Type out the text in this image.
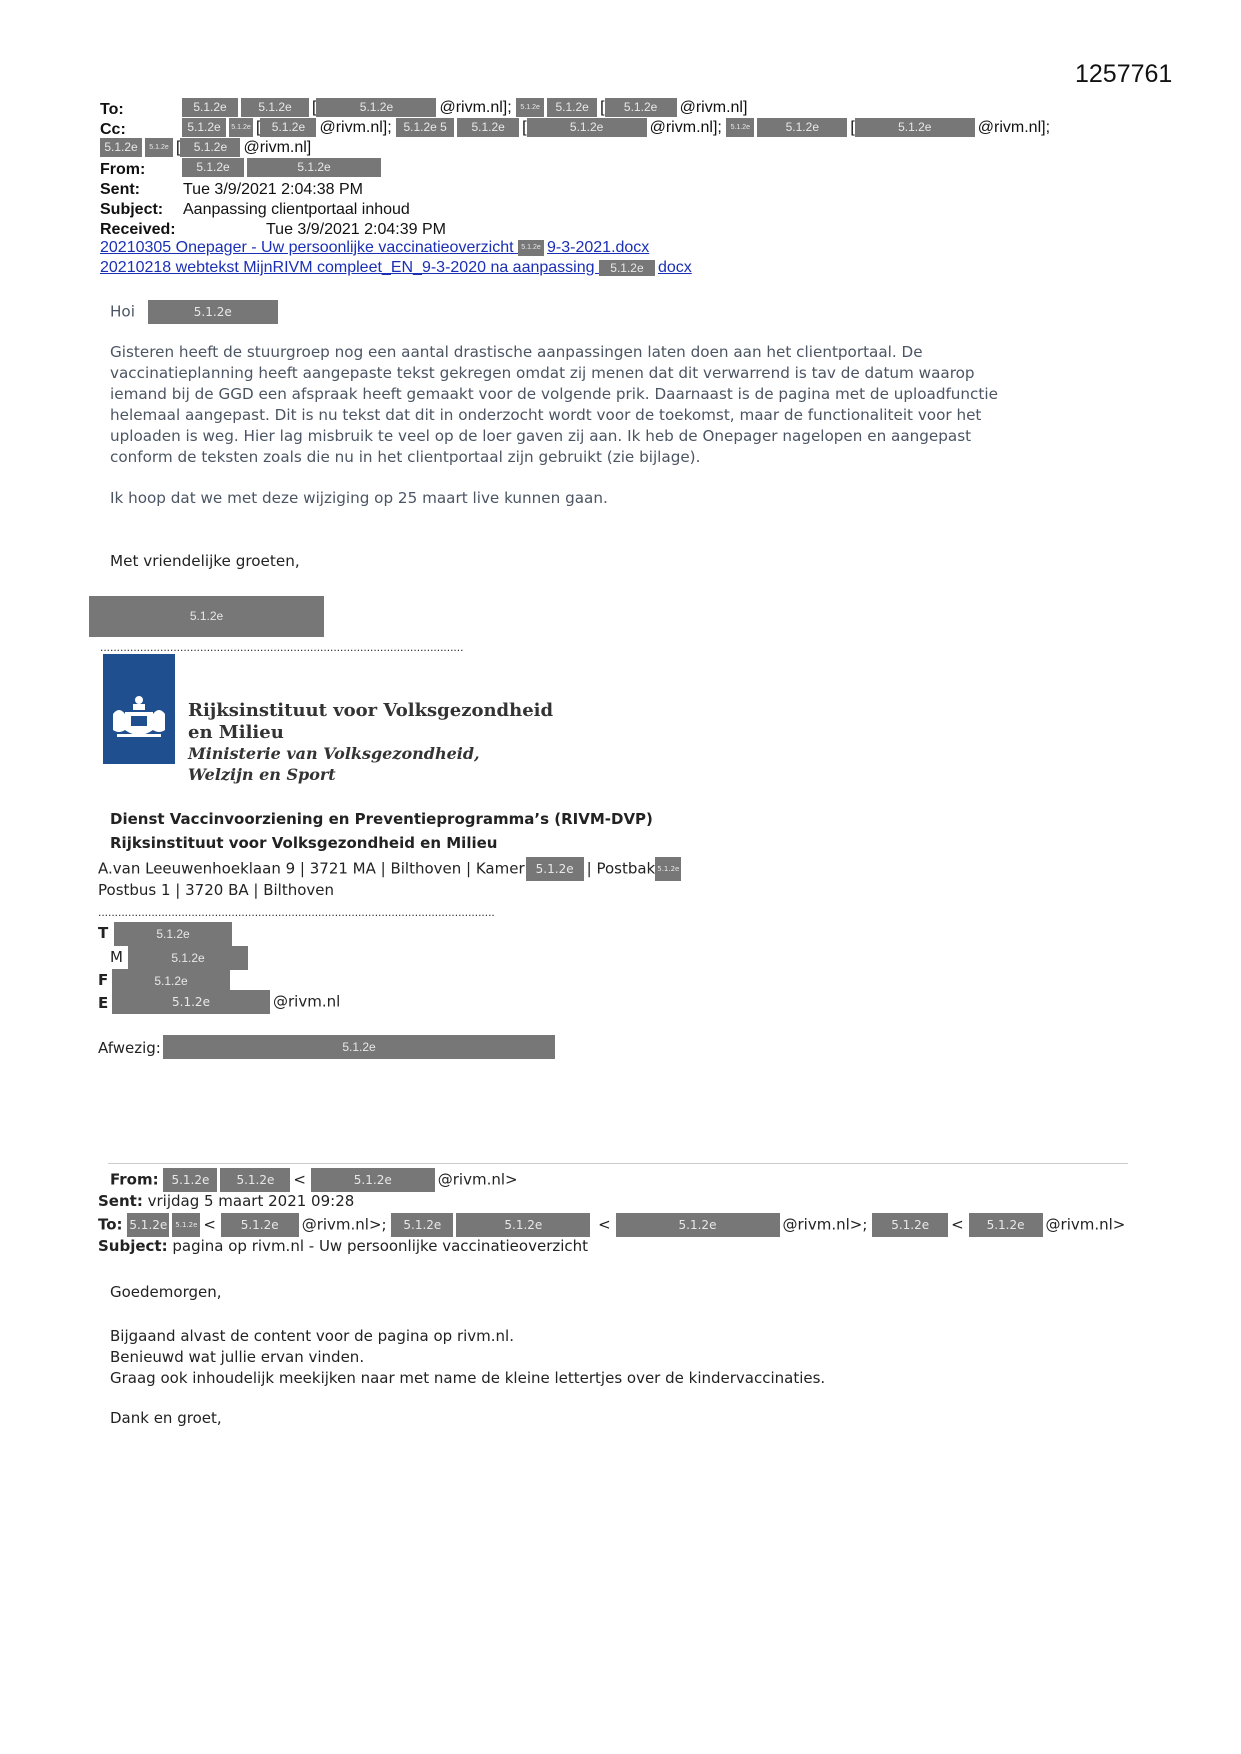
1257761
To:	5.1.2e	5.1.2e [	5.1.2e	@rivm.nl]; 5.1.2e 5.1.2e [ 5.1.2e @rivm.nl]
Cc:	5.1.2e 5.1.2e [ 5.1.2e @rivm.nl]; 5.1.2e 5 5.1.2e [	5.1.2e	@rivm.nl]; 5.1.2e	5.1.2e [	5.1.2e	@rivm.nl];
5.1.2e 5.1.2e [ 5.1.2e @rivm.nl]
From:	5.1.2e	5.1.2e
Sent:	Tue 3/9/2021 2:04:38 PM
Subject: Aanpassing clientportaal inhoud
Received:	Tue 3/9/2021 2:04:39 PM
20210305 Onepager - Uw persoonlijke vaccinatieoverzicht 5.1.2e 9-3-2021.docx
20210218 webtekst MijnRIVM compleet_EN_9-3-2020 na aanpassing 5.1.2e docx
Hoi	5.1.2e
Gisteren heeft de stuurgroep nog een aantal drastische aanpassingen laten doen aan het clientportaal. De
vaccinatieplanning heeft aangepaste tekst gekregen omdat zij menen dat dit verwarrend is tav de datum waarop
iemand bij de GGD een afspraak heeft gemaakt voor de volgende prik. Daarnaast is de pagina met de uploadfunctie
helemaal aangepast. Dit is nu tekst dat dit in onderzocht wordt voor de toekomst, maar de functionaliteit voor het
uploaden is weg. Hier lag misbruik te veel op de loer gaven zij aan. Ik heb de Onepager nagelopen en aangepast
conform de teksten zoals die nu in het clientportaal zijn gebruikt (zie bijlage).
Ik hoop dat we met deze wijziging op 25 maart live kunnen gaan.
Met vriendelijke groeten,
5.1.2e
.............................................................................................................
Rijksinstituut voor Volksgezondheid
en Milieu
Ministerie van Volksgezondheid,
Welzijn en Sport
Dienst Vaccinvoorziening en Preventieprogramma’s (RIVM-DVP)
Rijksinstituut voor Volksgezondheid en Milieu
A.van Leeuwenhoeklaan 9 | 3721 MA | Bilthoven | Kamer 5.1.2e | Postbak 5.1.2e
Postbus 1 | 3720 BA | Bilthoven
.......................................................................................................................
T	5.1.2e
M	5.1.2e
F	5.1.2e
E	5.1.2e	@rivm.nl
Afwezig:	5.1.2e
From: 5.1.2e 5.1.2e <	5.1.2e	@rivm.nl>
Sent: vrijdag 5 maart 2021 09:28
To: 5.1.2e 5.1.2e < 5.1.2e @rivm.nl>; 5.1.2e	5.1.2e	<	5.1.2e	@rivm.nl>; 5.1.2e < 5.1.2e @rivm.nl>
Subject: pagina op rivm.nl - Uw persoonlijke vaccinatieoverzicht
Goedemorgen,
Bijgaand alvast de content voor de pagina op rivm.nl.
Benieuwd wat jullie ervan vinden.
Graag ook inhoudelijk meekijken naar met name de kleine lettertjes over de kindervaccinaties.
Dank en groet,
